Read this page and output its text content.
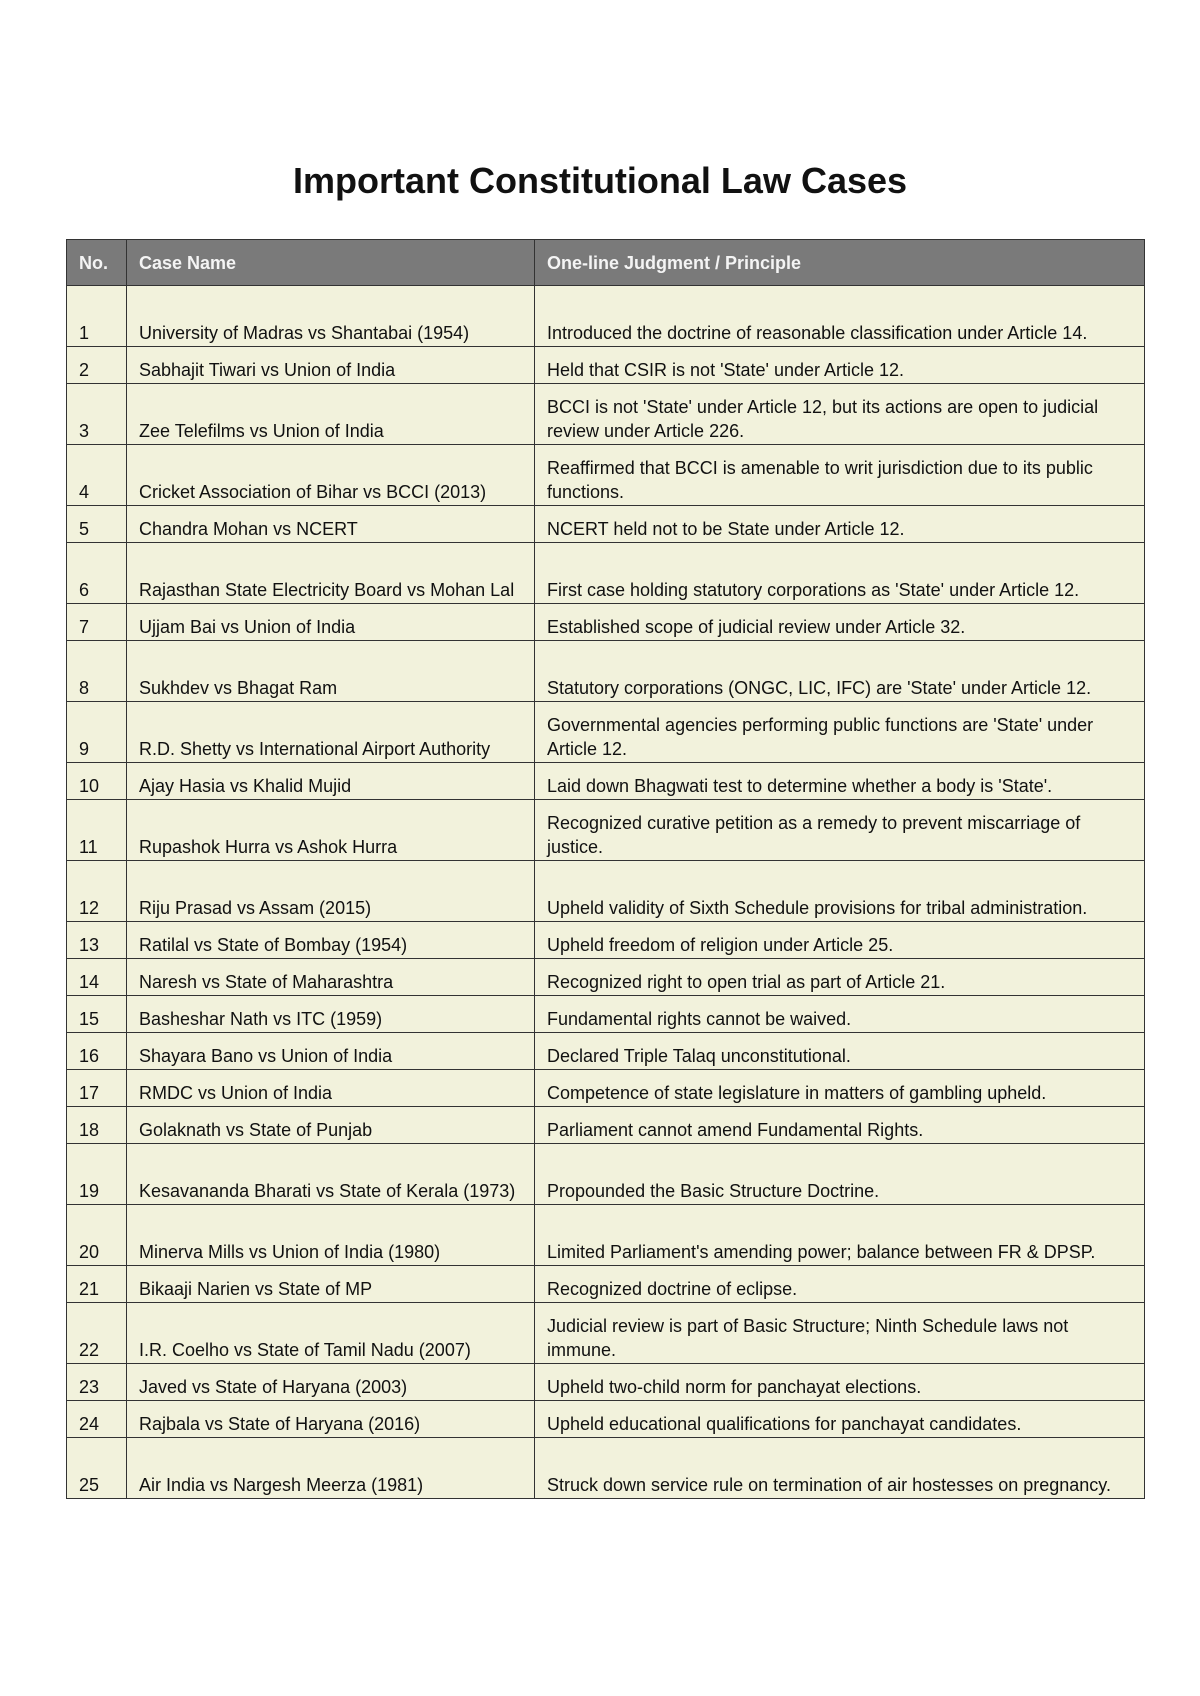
Important Constitutional Law Cases
No.	Case Name	One-line Judgment / Principle
1	University of Madras vs Shantabai (1954)	Introduced the doctrine of reasonable classification under Article 14.
2	Sabhajit Tiwari vs Union of India	Held that CSIR is not 'State' under Article 12.
3	Zee Telefilms vs Union of India	BCCI is not 'State' under Article 12, but its actions are open to judicial review under Article 226.
4	Cricket Association of Bihar vs BCCI (2013)	Reaffirmed that BCCI is amenable to writ jurisdiction due to its public functions.
5	Chandra Mohan vs NCERT	NCERT held not to be State under Article 12.
6	Rajasthan State Electricity Board vs Mohan Lal	First case holding statutory corporations as 'State' under Article 12.
7	Ujjam Bai vs Union of India	Established scope of judicial review under Article 32.
8	Sukhdev vs Bhagat Ram	Statutory corporations (ONGC, LIC, IFC) are 'State' under Article 12.
9	R.D. Shetty vs International Airport Authority	Governmental agencies performing public functions are 'State' under Article 12.
10	Ajay Hasia vs Khalid Mujid	Laid down Bhagwati test to determine whether a body is 'State'.
11	Rupashok Hurra vs Ashok Hurra	Recognized curative petition as a remedy to prevent miscarriage of justice.
12	Riju Prasad vs Assam (2015)	Upheld validity of Sixth Schedule provisions for tribal administration.
13	Ratilal vs State of Bombay (1954)	Upheld freedom of religion under Article 25.
14	Naresh vs State of Maharashtra	Recognized right to open trial as part of Article 21.
15	Basheshar Nath vs ITC (1959)	Fundamental rights cannot be waived.
16	Shayara Bano vs Union of India	Declared Triple Talaq unconstitutional.
17	RMDC vs Union of India	Competence of state legislature in matters of gambling upheld.
18	Golaknath vs State of Punjab	Parliament cannot amend Fundamental Rights.
19	Kesavananda Bharati vs State of Kerala (1973)	Propounded the Basic Structure Doctrine.
20	Minerva Mills vs Union of India (1980)	Limited Parliament's amending power; balance between FR & DPSP.
21	Bikaaji Narien vs State of MP	Recognized doctrine of eclipse.
22	I.R. Coelho vs State of Tamil Nadu (2007)	Judicial review is part of Basic Structure; Ninth Schedule laws not immune.
23	Javed vs State of Haryana (2003)	Upheld two-child norm for panchayat elections.
24	Rajbala vs State of Haryana (2016)	Upheld educational qualifications for panchayat candidates.
25	Air India vs Nargesh Meerza (1981)	Struck down service rule on termination of air hostesses on pregnancy.
